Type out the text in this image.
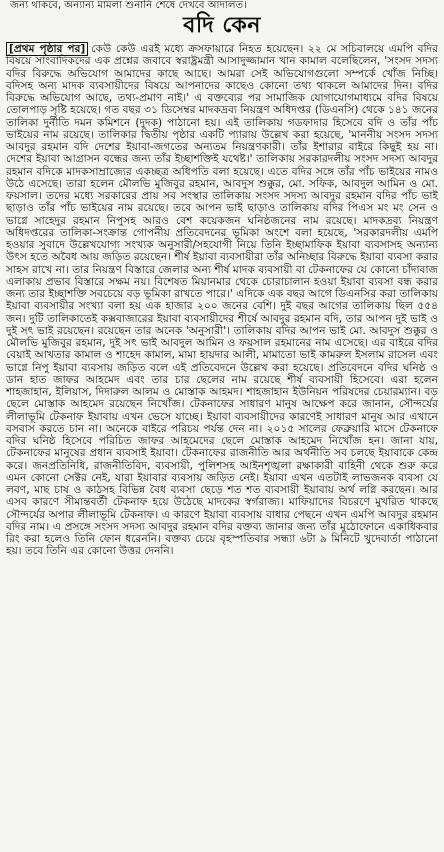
জন্য থাকবে, অন্যান্য মামলা শুনানি শেষে দেখবে আদালত।
বদি কেন

[প্রথম পৃষ্ঠার পর] কেউ কেউ এরই মধ্যে ক্রসফায়ারে নিহত হয়েছেন। ২২ মে সচিবালয়ে এমপি বদির বিষয়ে সাংবাদিকদের এক প্রশ্নের জবাবে স্বরাষ্ট্রমন্ত্রী আসাদুজ্জামান খান কামাল বলেছিলেন, 'সংসদ সদস্য বদির বিরুদ্ধে অভিযোগ আমাদের কাছে আছে। আমরা সেই অভিযোগগুলো সম্পর্কে খোঁজ নিচ্ছি। বদিসহ অন্য মাদক ব্যবসায়ীদের বিষয়ে আপনাদের কাছেও কোনো তথ্য থাকলে আমাদের দিন। বদির বিরুদ্ধে অভিযোগ আছে, তথ্য-প্রমাণ নাই।' এ বক্তব্যের পর সামাজিক যোগাযোগমাধ্যমে বদির বিষয়ে তোলপাড় সৃষ্টি হয়েছে। গত বছর ৩১ ডিসেম্বর মাদকদ্রব্য নিয়ন্ত্রণ অধিদপ্তর (ডিএনসি) থেকে ১৪১ জনের তালিকা দুর্নীতি দমন কমিশনে (দুদক) পাঠানো হয়। এই তালিকায় গডফাদার হিসেবে বদি ও তাঁর পাঁচ ভাইয়ের নাম রয়েছে। তালিকার দ্বিতীয় পৃষ্ঠার একটি প্যারায় উল্লেখ করা হয়েছে, 'মাননীয় সংসদ সদস্য আবদুর রহমান বদি দেশের ইয়াবা-জগতের অন্যতম নিয়ন্ত্রণকারী। তাঁর ইশারার বাইরে কিছুই হয় না। দেশের ইয়াবা আগ্রাসন বন্ধের জন্য তাঁর ইচ্ছাশক্তিই যথেষ্ট।' তালিকায় সরকারদলীয় সংসদ সদস্য আবদুর রহমান বদিকে মাদকসাম্রাজ্যের একচ্ছত্র অধিপতি বলা হয়েছে। এতে বদির সঙ্গে তাঁর পাঁচ ভাইয়ের নামও উঠে এসেছে। তারা হলেন মৌলভি মুজিবুর রহমান, আবদুস শুক্কুর, মো. সফিক, আবদুল আমিন ও মো. ফয়সাল। তদের মধ্যে সরকারের প্রায় সব সংস্থার তালিকায় সংসদ সদস্য আবদুর রহমান বদির পাঁচ ভাই ছাড়াও তাঁর পাঁচ ভাইয়ের নাম রয়েছে। তবে আপন ভাই ছাড়াও তালিকায় বদির পিএস মং মং সেন ও ভাগ্নে সাহেদুর রহমান নিপুসহ আরও বেশ কয়েকজন ঘনিষ্ঠজনের নাম রয়েছে। মাদকদ্রব্য নিয়ন্ত্রণ অধিদপ্তরের তালিকা-সংক্রান্ত গোপনীয় প্রতিবেদনের ভূমিকা অংশে বলা হয়েছে, 'সরকারদলীয় এমপি হওয়ার সুবাদে উল্লেখযোগ্য সংখ্যক অনুসারী/সহযোগী নিয়ে তিনি ইচ্ছামাফিক ইয়াবা ব্যবসাসহ অন্যান্য উৎস হতে অবৈধ আয় জড়িত রয়েছেন। শীর্ষ ইয়াবা ব্যবসায়ীরা তাঁর অনিচ্ছার বিরুদ্ধে ইয়াবা ব্যবসা করার সাহস রাখে না। তার নিয়ন্ত্রণ বিস্তারে জেলার অন্য শীর্ষ মাদক ব্যবসায়ী বা টেকনাফের যে কোনো চাঁদাবাজ এলাকায় প্রভাব বিস্তারে সক্ষম নয়। বিশেষত মিয়ানমার থেকে চোরাচালান হওয়া ইয়াবা ব্যবসা বন্ধ করার জন্য তার ইচ্ছাশক্তি সবচেয়ে বড় ভূমিকা রাখতে পারে।' এদিকে এক বছর আগে ডিএনসির করা তালিকায় ইয়াবা ব্যবসায়ীর সংখ্যা বলা হয় এক হাজার ২০০ জনের বেশি। দুই বছর আগের তালিকায় ছিল ৫৫৪ জন। দুটি তালিকাতেই কক্সবাজারের ইয়াবা ব্যবসায়ীদের শীর্ষে আবদুর রহমান বদি, তার আপন দুই ভাই ও দুই সৎ ভাই রয়েছেন। রয়েছেন তার অনেক 'অনুসারী'। তালিকায় বদির আপন ভাই মো. আবদুস শুক্কুর ও মৌলভি মুজিবুর রহমান, দুই সৎ ভাই আবদুল আমিন ও ফয়সাল রহমানের নাম এসেছে। এর বাইরে বদির বেয়াই আখতার কামাল ও শাহেদ কামাল, মামা হায়দার আলী, মামাতো ভাই কামরুল ইসলাম রাসেল এবং ভাগ্নে নিপু ইয়াবা ব্যবসায় জড়িত বলে এই প্রতিবেদনে উল্লেখ করা হয়েছে। প্রতিবেদনে বদির ঘনিষ্ঠ ও ডান হাত জাফর আহমেদ এবং তার চার ছেলের নাম রয়েছে শীর্ষ ব্যবসায়ী হিসেবে। এরা হলেন শাহজাহান, ইলিয়াস, দিদারুল আলম ও মোস্তাক আহমদ। শাহজাহান ইউনিয়ন পরিষদের চেয়ারম্যান। বড় ছেলে মোস্তাক আহমেদ রয়েছেন নিখোঁজ। টেকনাফের সাধারণ মানুষ আক্ষেপ করে জানান, সৌন্দর্যের লীলাভূমি টেকনাফ ইয়াবায় এখন ভেসে যাচ্ছে। ইয়াবা ব্যবসায়ীদের কারণেই সাধারণ মানুষ আর এখানে বসবাস করতে চান না। অনেকে বাইরে পরিচয় পর্যন্ত দেন না। ২০১৫ সালের ফেব্রুয়ারি মাসে টেকনাফে বদির ঘনিষ্ঠ হিসেবে পরিচিত জাফর আহমেদের ছেলে মোস্তাক আহমেদ নিখোঁজ হন। জানা যায়, টেকনাফের মানুষের প্রধান ব্যবসাই ইয়াবা। টেকনাফের রাজনীতি আর অর্থনীতি সব চলছে ইয়াবাকে কেন্দ্র করে। জনপ্রতিনিধি, রাজনীতিবিদ, ব্যবসায়ী, পুলিশসহ আইনশৃঙ্খলা রক্ষাকারী বাহিনী থেকে শুরু করে এমন কোনো সেক্টর নেই, যারা ইয়াবার ব্যবসায় জড়িত নেই। ইয়াবা এখন এতটাই লাভজনক ব্যবসা যে লবণ, মাছ চাষ ও কাঠসহ বিভিন্ন বৈধ ব্যবসা ছেড়ে শত শত ব্যবসায়ী ইয়াবায় অর্থ লগ্নি করছেন। আর এসব কারণে সীমান্তবর্তী টেকনাফ হয়ে উঠেছে মাদকের স্বর্গরাজ্য। মাফিয়াদের বিচরণে মুখরিত থাকছে সৌন্দর্যের অপার লীলাভূমি টেকনাফ। এ কারণে ইয়াবা ব্যবসায় বাধার পেছনে এখন এমপি আবদুর রহমান বদির নাম। এ প্রসঙ্গে সংসদ সদস্য আবদুর রহমান বদির বক্তব্য জানার জন্য তাঁর মুঠোফোনে একাধিকবার রিং করা হলেও তিনি ফোন ধরেননি। বক্তব্য চেয়ে বৃহস্পতিবার সন্ধ্যা ৬টা ৯ মিনিটে খুদেবার্তা পাঠানো হয়। তবে তিনি এর কোনো উত্তর দেননি।
